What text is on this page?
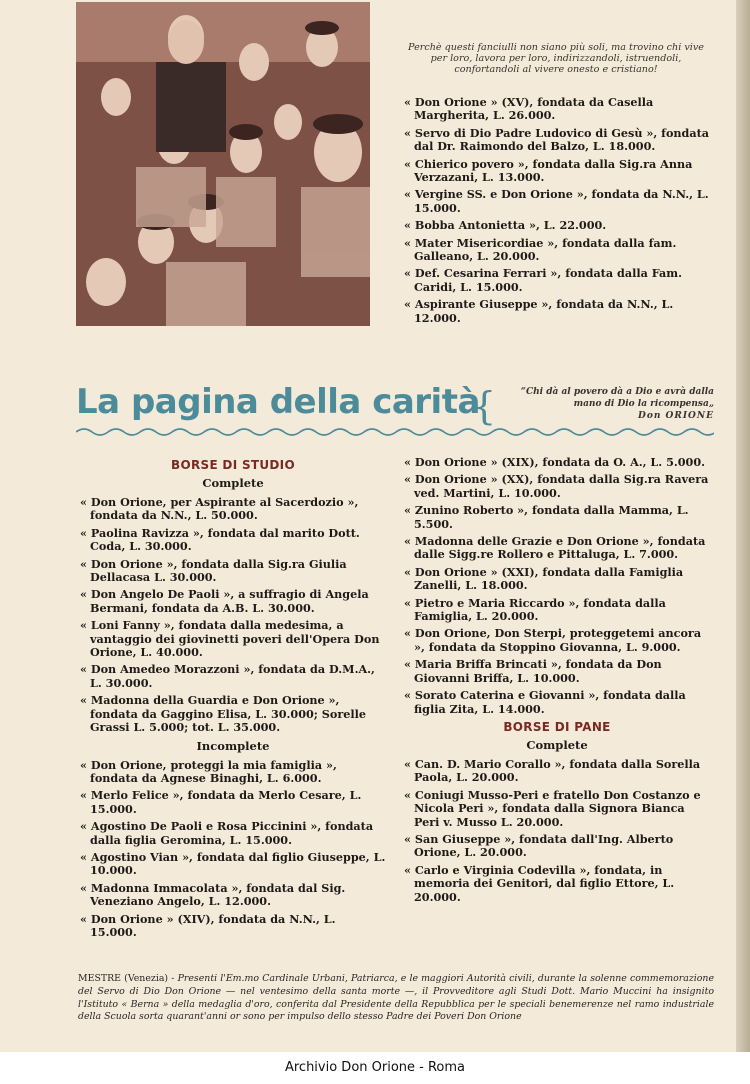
Perchè questi fanciulli non siano più soli, ma trovino chi vive per loro, lavora per loro, indirizzandoli, istruendoli, confortandoli al vivere onesto e cristiano!

« Don Orione » (XV), fondata da Casella Margherita, L. 26.000.

« Servo di Dio Padre Ludovico di Gesù », fondata dal Dr. Raimondo del Balzo, L. 18.000.

« Chierico povero », fondata dalla Sig.ra Anna Verzazani, L. 13.000.

« Vergine SS. e Don Orione », fondata da N.N., L. 15.000.

« Bobba Antonietta », L. 22.000.

« Mater Misericordiae », fondata dalla fam. Galleano, L. 20.000.

« Def. Cesarina Ferrari », fondata dalla Fam. Caridi, L. 15.000.

« Aspirante Giuseppe », fondata da N.N., L. 12.000.

La pagina della carità
{	“Chi dà al povero dà a Dio e avrà dalla mano di Dio la ricompensa„
Don ORIONE
BORSE DI STUDIO
Complete

« Don Orione, per Aspirante al Sacerdozio », fondata da N.N., L. 50.000.

« Paolina Ravizza », fondata dal marito Dott. Coda, L. 30.000.

« Don Orione », fondata dalla Sig.ra Giulia Dellacasa L. 30.000.

« Don Angelo De Paoli », a suffragio di Angela Bermani, fondata da A.B. L. 30.000.

« Loni Fanny », fondata dalla medesima, a vantaggio dei giovinetti poveri dell'Opera Don Orione, L. 40.000.

« Don Amedeo Morazzoni », fondata da D.M.A., L. 30.000.

« Madonna della Guardia e Don Orione », fondata da Gaggino Elisa, L. 30.000; Sorelle Grassi L. 5.000; tot. L. 35.000.

Incomplete

« Don Orione, proteggi la mia famiglia », fondata da Agnese Binaghi, L. 6.000.

« Merlo Felice », fondata da Merlo Cesare, L. 15.000.

« Agostino De Paoli e Rosa Piccinini », fondata dalla figlia Geromina, L. 15.000.

« Agostino Vian », fondata dal figlio Giuseppe, L. 10.000.

« Madonna Immacolata », fondata dal Sig. Veneziano Angelo, L. 12.000.

« Don Orione » (XIV), fondata da N.N., L. 15.000.

« Don Orione » (XIX), fondata da O. A., L. 5.000.

« Don Orione » (XX), fondata dalla Sig.ra Ravera ved. Martini, L. 10.000.

« Zunino Roberto », fondata dalla Mamma, L. 5.500.

« Madonna delle Grazie e Don Orione », fondata dalle Sigg.re Rollero e Pittaluga, L. 7.000.

« Don Orione » (XXI), fondata dalla Famiglia Zanelli, L. 18.000.

« Pietro e Maria Riccardo », fondata dalla Famiglia, L. 20.000.

« Don Orione, Don Sterpi, proteggetemi ancora », fondata da Stoppino Giovanna, L. 9.000.

« Maria Briffa Brincati », fondata da Don Giovanni Briffa, L. 10.000.

« Sorato Caterina e Giovanni », fondata dalla figlia Zita, L. 14.000.

BORSE DI PANE
Complete

« Can. D. Mario Corallo », fondata dalla Sorella Paola, L. 20.000.

« Coniugi Musso-Peri e fratello Don Costanzo e Nicola Peri », fondata dalla Signora Bianca Peri v. Musso L. 20.000.

« San Giuseppe », fondata dall'Ing. Alberto Orione, L. 20.000.

« Carlo e Virginia Codevilla », fondata, in memoria dei Genitori, dal figlio Ettore, L. 20.000.

MESTRE (Venezia) - Presenti l'Em.mo Cardinale Urbani, Patriarca, e le maggiori Autorità civili, durante la solenne commemorazione del Servo di Dio Don Orione — nel ventesimo della santa morte —, il Provveditore agli Studi Dott. Mario Muccini ha insignito l'Istituto « Berna » della medaglia d'oro, conferita dal Presidente della Repubblica per le speciali benemerenze nel ramo industriale della Scuola sorta quarant'anni or sono per impulso dello stesso Padre dei Poveri Don Orione
Archivio Don Orione - Roma
